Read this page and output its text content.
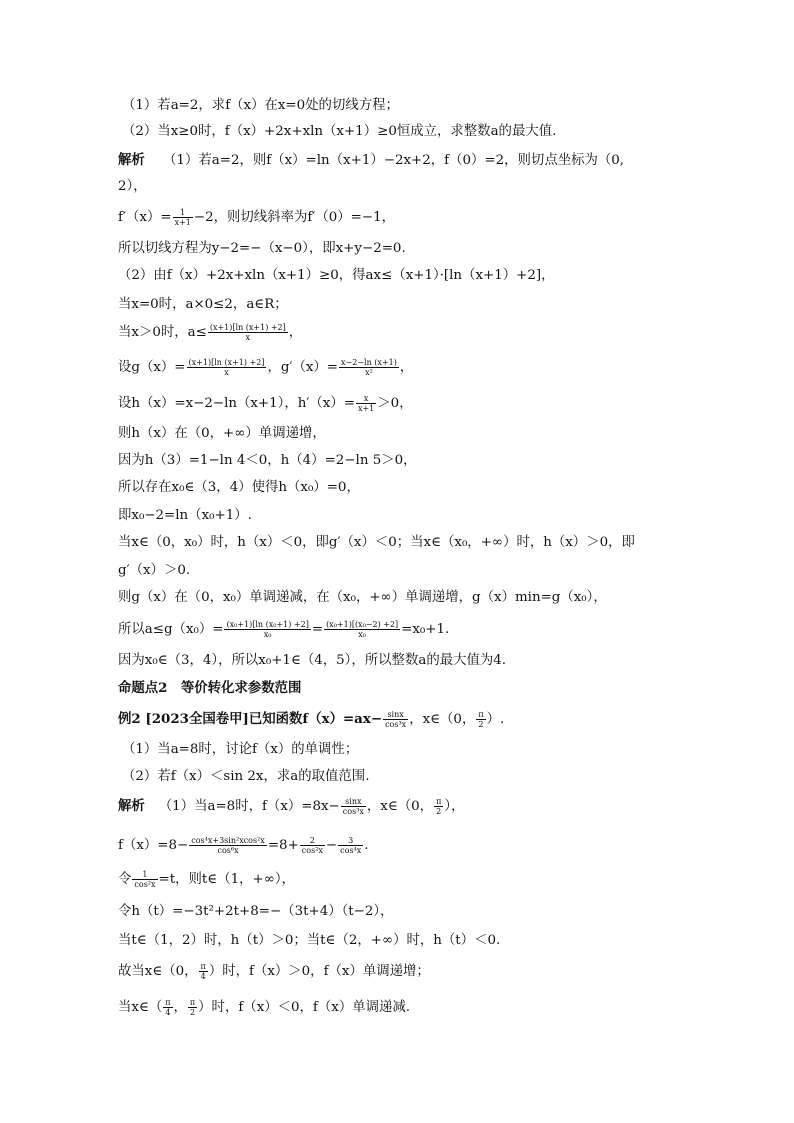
（1）若a=2，求f（x）在x=0处的切线方程；
（2）当x≥0时，f（x）+2x+xln（x+1）≥0恒成立，求整数a的最大值.
解析 （1）若a=2，则f（x）=ln（x+1）−2x+2，f（0）=2，则切点坐标为（0,
2），
$f'(x)= \frac{1}{x+1} -2$，则切线斜率为f′（0）=−1，
所以切线方程为y−2=−（x−0），即x+y−2=0.
（2）由f（x）+2x+xln（x+1）≥0，得ax≤（x+1）·[ln（x+1）+2]，
当x=0时，a×0≤2，a∈R；
当x＞0时，$a\le \frac{(x+1)[\ln (x+1) +2]}{x}$ ，
设$g(x)= \frac{(x+1)[\ln (x+1) +2]}{x}$ ，$g'(x)= \frac{x-2-\ln (x+1)}{\text{x²}}$ ，
设h（x）=x−2−ln（x+1），$h'(x)= \frac{x}{x+1} >0$，
则h（x）在（0，+∞）单调递增，
因为h（3）=1−ln 4＜0，h（4）=2−ln 5＞0，
所以存在x₀∈（3，4）使得h（x₀）=0，
即x₀−2=ln（x₀+1）.
当x∈（0，x₀）时，h（x）＜0，即g′（x）＜0；当x∈（x₀，+∞）时，h（x）＞0，即
g′（x）＞0.
则g（x）在（0，x₀）单调递减，在（x₀，+∞）单调递增，g（x）min=g（x₀），
所以$a\le g(x_0)= \frac{\text{(x₀+1)[ln (x₀+1) +2]}}{\text{x₀}} = \frac{\text{(x₀+1)[(x₀−2) +2]}}{\text{x₀}} =x_0+1$.
因为x₀∈（3，4），所以x₀+1∈（4，5），所以整数a的最大值为4.
命题点2　等价转化求参数范围
例2 [2023全国卷甲]已知函数$f(x)=ax- \frac{\sin x}{\text{cos³x}}$ ，x∈（0， $\frac{\pi}{2}$ ）.
（1）当a=8时，讨论f（x）的单调性；
（2）若f（x）＜sin 2x，求a的取值范围.
解析 （1）当a=8时，$f(x)=8x- \frac{\sin x}{\text{cos³x}}$ ，x∈（0， $\frac{\pi}{2}$ ），
$f(x)=8- \frac{\text{cos⁴x+3sin²xcos²x}}{\text{cos⁶x}} =8+ \frac{2}{\text{cos²x}} - \frac{3}{\text{cos⁴x}}$ .
令 $\frac{1}{\text{cos²x}} =t$，则t∈（1，+∞），
令h（t）=−3t²+2t+8=−（3t+4）（t−2），
当t∈（1，2）时，h（t）＞0；当t∈（2，+∞）时，h（t）＜0.
故当x∈（0， $\frac{\pi}{4}$ ）时，f（x）＞0，f（x）单调递增；
当x∈（ $\frac{\pi}{4}$ ， $\frac{\pi}{2}$ ）时，f（x）＜0，f（x）单调递减.
